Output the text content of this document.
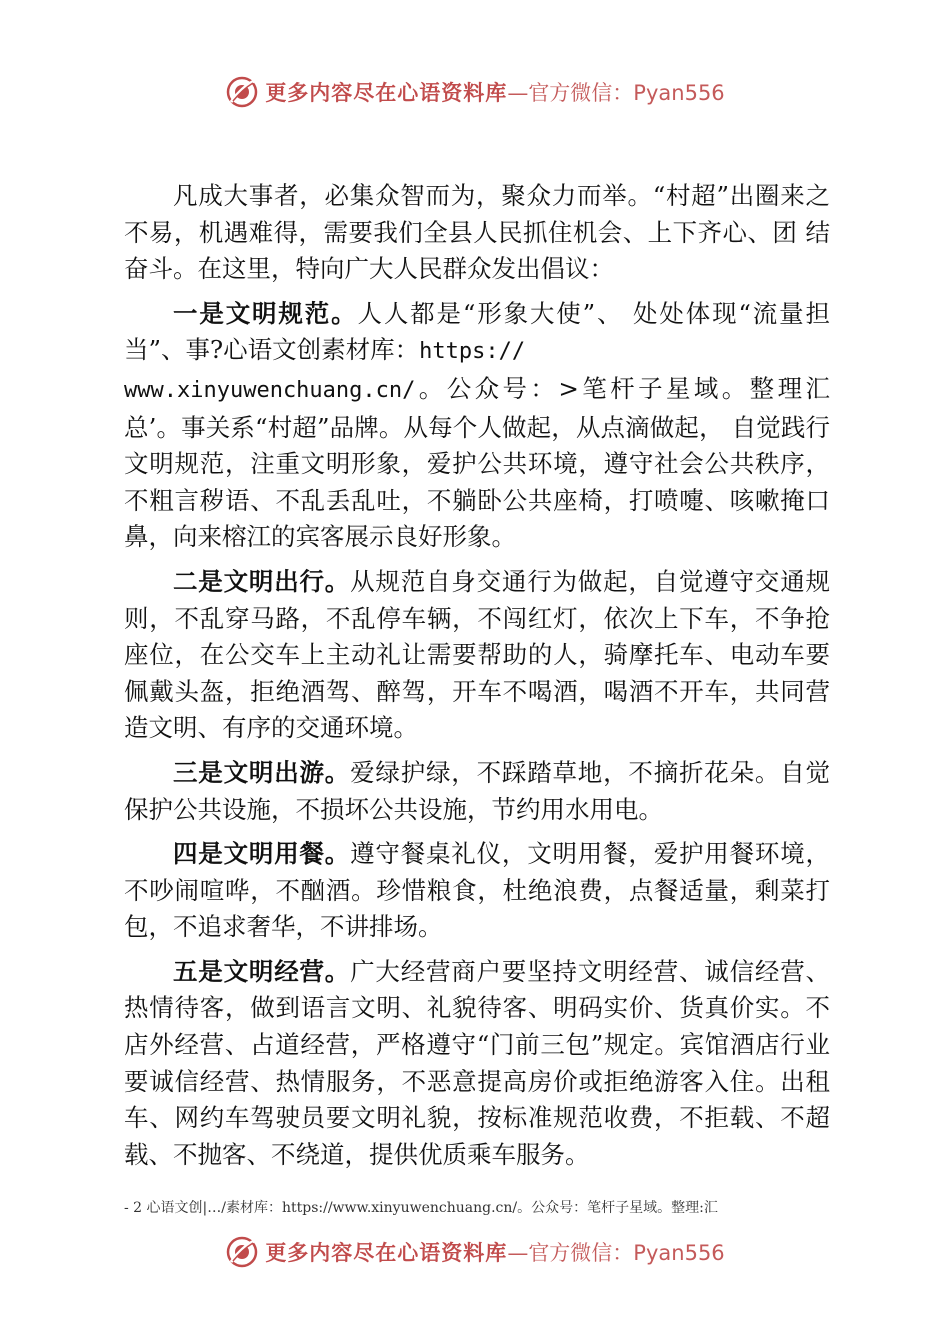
更多内容尽在心语资料库 —官方微信：Pyan556

凡成大事者，必集众智而为，聚众力而举。“村超”出圈来之不易，机遇难得，需要我们全县人民抓住机会、上下齐心、团 结奋斗。在这里，特向广大人民群众发出倡议：

一是文明规范。人人都是“形象大使”、 处处体现“流量担当”、事?心语文创素材库：https://
www.xinyuwenchuang.cn/。公众号：>笔杆子星域。整理汇总’。事关系“村超”品牌。从每个人做起，从点滴做起， 自觉践行文明规范，注重文明形象，爱护公共环境，遵守社会公共秩序，不粗言秽语、不乱丢乱吐，不躺卧公共座椅，打喷嚏、咳嗽掩口鼻，向来榕江的宾客展示良好形象。

二是文明出行。从规范自身交通行为做起，自觉遵守交通规则，不乱穿马路，不乱停车辆，不闯红灯，依次上下车，不争抢座位，在公交车上主动礼让需要帮助的人，骑摩托车、电动车要佩戴头盔，拒绝酒驾、醉驾，开车不喝酒，喝酒不开车，共同营造文明、有序的交通环境。

三是文明出游。爱绿护绿，不踩踏草地，不摘折花朵。自觉保护公共设施，不损坏公共设施，节约用水用电。

四是文明用餐。遵守餐桌礼仪，文明用餐，爱护用餐环境，不吵闹喧哗，不酗酒。珍惜粮食，杜绝浪费，点餐适量，剩菜打包，不追求奢华，不讲排场。

五是文明经营。广大经营商户要坚持文明经营、诚信经营、热情待客，做到语言文明、礼貌待客、明码实价、货真价实。不店外经营、占道经营，严格遵守“门前三包”规定。宾馆酒店行业要诚信经营、热情服务，不恶意提高房价或拒绝游客入住。出租车、网约车驾驶员要文明礼貌，按标准规范收费，不拒载、不超载、不抛客、不绕道，提供优质乘车服务。

- 2 心语文创|…/素材库：https://www.xinyuwenchuang.cn/。公众号：笔杆子星域。整理:汇
更多内容尽在心语资料库 —官方微信：Pyan556
